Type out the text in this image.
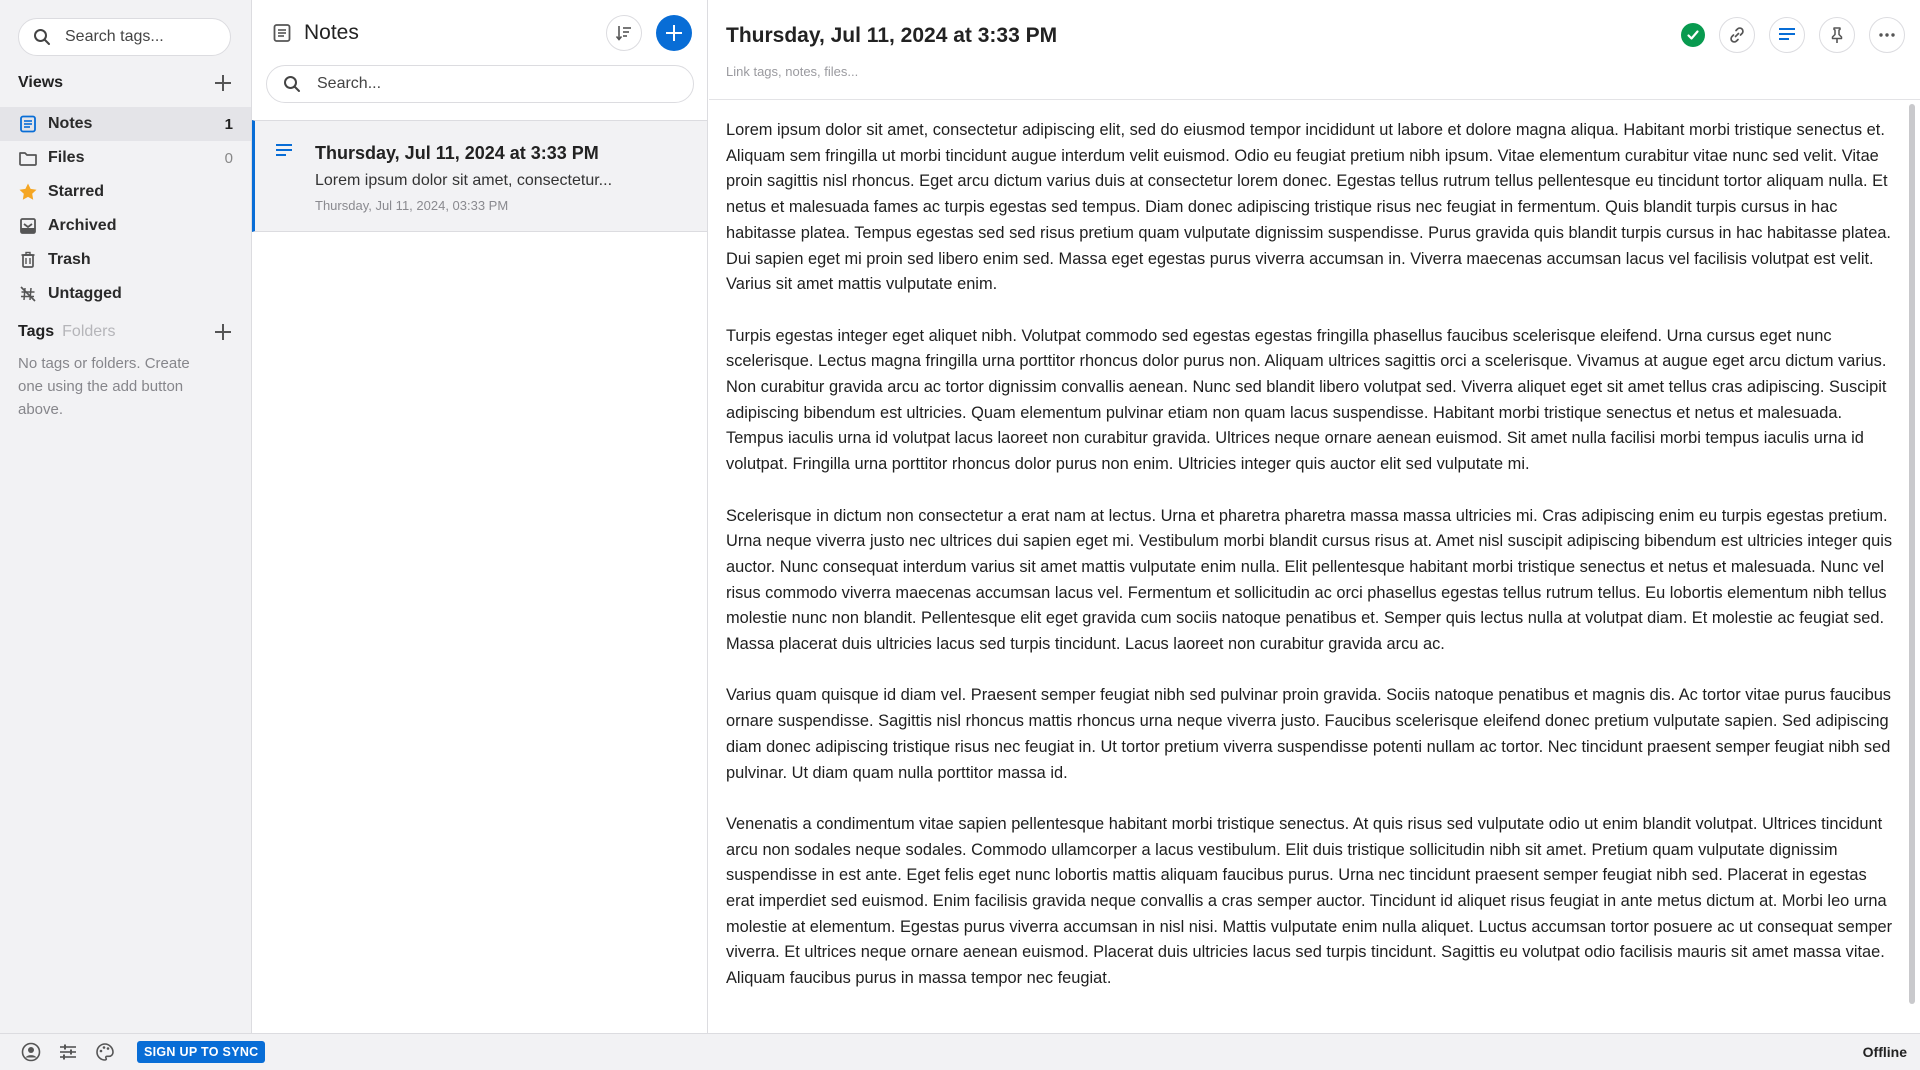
Search tags...
Views
Notes	1
Files	0
Starred
Archived
Trash
Untagged
Tags Folders
No tags or folders. Create one using the add button above.
Notes
Search...
Thursday, Jul 11, 2024 at 3:33 PM
Lorem ipsum dolor sit amet, consectetur...
Thursday, Jul 11, 2024, 03:33 PM
Thursday, Jul 11, 2024 at 3:33 PM
Link tags, notes, files...

Lorem ipsum dolor sit amet, consectetur adipiscing elit, sed do eiusmod tempor incididunt ut labore et dolore magna aliqua. Habitant morbi tristique senectus et. Aliquam sem fringilla ut morbi tincidunt augue interdum velit euismod. Odio eu feugiat pretium nibh ipsum. Vitae elementum curabitur vitae nunc sed velit. Vitae proin sagittis nisl rhoncus. Eget arcu dictum varius duis at consectetur lorem donec. Egestas tellus rutrum tellus pellentesque eu tincidunt tortor aliquam nulla. Et netus et malesuada fames ac turpis egestas sed tempus. Diam donec adipiscing tristique risus nec feugiat in fermentum. Quis blandit turpis cursus in hac habitasse platea. Tempus egestas sed sed risus pretium quam vulputate dignissim suspendisse. Purus gravida quis blandit turpis cursus in hac habitasse platea. Dui sapien eget mi proin sed libero enim sed. Massa eget egestas purus viverra accumsan in. Viverra maecenas accumsan lacus vel facilisis volutpat est velit. Varius sit amet mattis vulputate enim.

Turpis egestas integer eget aliquet nibh. Volutpat commodo sed egestas egestas fringilla phasellus faucibus scelerisque eleifend. Urna cursus eget nunc scelerisque. Lectus magna fringilla urna porttitor rhoncus dolor purus non. Aliquam ultrices sagittis orci a scelerisque. Vivamus at augue eget arcu dictum varius. Non curabitur gravida arcu ac tortor dignissim convallis aenean. Nunc sed blandit libero volutpat sed. Viverra aliquet eget sit amet tellus cras adipiscing. Suscipit adipiscing bibendum est ultricies. Quam elementum pulvinar etiam non quam lacus suspendisse. Habitant morbi tristique senectus et netus et malesuada. Tempus iaculis urna id volutpat lacus laoreet non curabitur gravida. Ultrices neque ornare aenean euismod. Sit amet nulla facilisi morbi tempus iaculis urna id volutpat. Fringilla urna porttitor rhoncus dolor purus non enim. Ultricies integer quis auctor elit sed vulputate mi.

Scelerisque in dictum non consectetur a erat nam at lectus. Urna et pharetra pharetra massa massa ultricies mi. Cras adipiscing enim eu turpis egestas pretium. Urna neque viverra justo nec ultrices dui sapien eget mi. Vestibulum morbi blandit cursus risus at. Amet nisl suscipit adipiscing bibendum est ultricies integer quis auctor. Nunc consequat interdum varius sit amet mattis vulputate enim nulla. Elit pellentesque habitant morbi tristique senectus et netus et malesuada. Nunc vel risus commodo viverra maecenas accumsan lacus vel. Fermentum et sollicitudin ac orci phasellus egestas tellus rutrum tellus. Eu lobortis elementum nibh tellus molestie nunc non blandit. Pellentesque elit eget gravida cum sociis natoque penatibus et. Semper quis lectus nulla at volutpat diam. Et molestie ac feugiat sed. Massa placerat duis ultricies lacus sed turpis tincidunt. Lacus laoreet non curabitur gravida arcu ac.

Varius quam quisque id diam vel. Praesent semper feugiat nibh sed pulvinar proin gravida. Sociis natoque penatibus et magnis dis. Ac tortor vitae purus faucibus ornare suspendisse. Sagittis nisl rhoncus mattis rhoncus urna neque viverra justo. Faucibus scelerisque eleifend donec pretium vulputate sapien. Sed adipiscing diam donec adipiscing tristique risus nec feugiat in. Ut tortor pretium viverra suspendisse potenti nullam ac tortor. Nec tincidunt praesent semper feugiat nibh sed pulvinar. Ut diam quam nulla porttitor massa id.

Venenatis a condimentum vitae sapien pellentesque habitant morbi tristique senectus. At quis risus sed vulputate odio ut enim blandit volutpat. Ultrices tincidunt arcu non sodales neque sodales. Commodo ullamcorper a lacus vestibulum. Elit duis tristique sollicitudin nibh sit amet. Pretium quam vulputate dignissim suspendisse in est ante. Eget felis eget nunc lobortis mattis aliquam faucibus purus. Urna nec tincidunt praesent semper feugiat nibh sed. Placerat in egestas erat imperdiet sed euismod. Enim facilisis gravida neque convallis a cras semper auctor. Tincidunt id aliquet risus feugiat in ante metus dictum at. Morbi leo urna molestie at elementum. Egestas purus viverra accumsan in nisl nisi. Mattis vulputate enim nulla aliquet. Luctus accumsan tortor posuere ac ut consequat semper viverra. Et ultrices neque ornare aenean euismod. Placerat duis ultricies lacus sed turpis tincidunt. Sagittis eu volutpat odio facilisis mauris sit amet massa vitae. Aliquam faucibus purus in massa tempor nec feugiat.

SIGN UP TO SYNC	Offline
